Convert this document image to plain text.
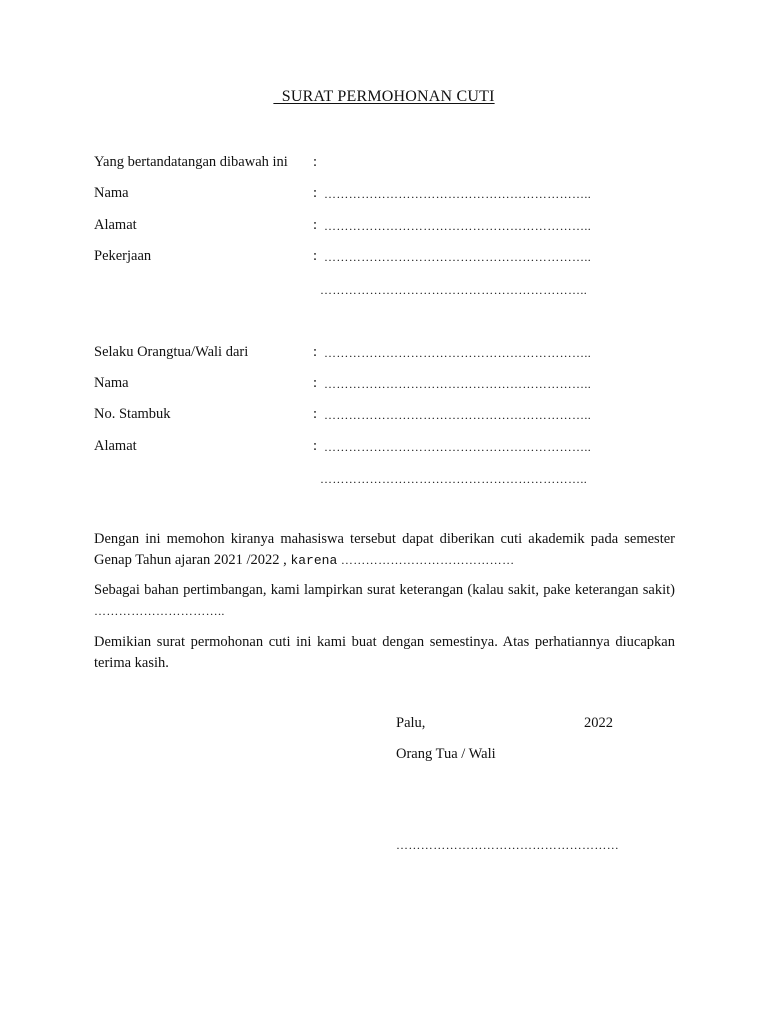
SURAT PERMOHONAN CUTI
Yang bertandatangan dibawah ini :
Nama	: ………………………………………………………..
Alamat	: ………………………………………………………..
Pekerjaan	: ………………………………………………………..
………………………………………………………..
Selaku Orangtua/Wali dari	: ………………………………………………………..
Nama	: ………………………………………………………..
No. Stambuk	: ………………………………………………………..
Alamat	: ………………………………………………………..
………………………………………………………..
Dengan ini memohon kiranya mahasiswa tersebut dapat diberikan cuti akademik pada semester Genap Tahun ajaran 2021 /2022 , karena ……………………………………
Sebagai bahan pertimbangan, kami lampirkan surat keterangan (kalau sakit, pake keterangan sakit) …………………………..
Demikian surat permohonan cuti ini kami buat dengan semestinya. Atas perhatiannya diucapkan terima kasih.
Palu,	2022
Orang Tua / Wali
………………………………………………
